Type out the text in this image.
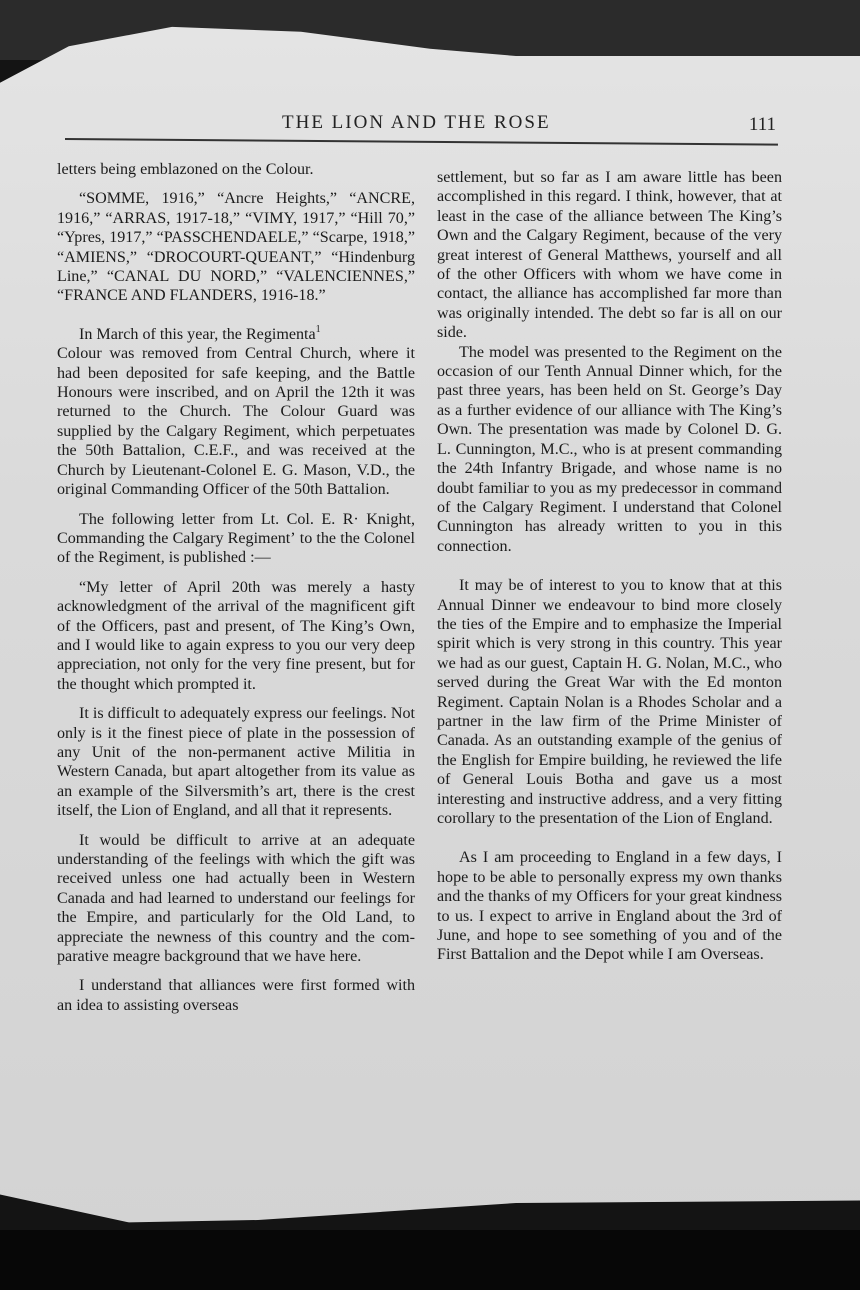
THE LION AND THE ROSE	111

letters being emblazoned on the Colour.

“SOMME, 1916,” “Ancre Heights,” “ANCRE, 1916,” “ARRAS, 1917-18,” “VIMY, 1917,” “Hill 70,” “Ypres, 1917,” “PASSCHENDAELE,” “Scarpe, 1918,” “AMIENS,” “DROCOURT-QUEANT,” “Hindenburg Line,” “CANAL DU NORD,” “VALENCIENNES,” “FRANCE AND FLANDERS, 1916-18.”

In March of this year, the Regimenta$^1$

Colour was removed from Central Church, where it had been deposited for safe keeping, and the Battle Honours were inscribed, and on April the 12th it was returned to the Church. The Colour Guard was supplied by the Calgary Regiment, which perpetuates the 50th Battalion, C.E.F., and was received at the Church by Lieutenant-Colonel E. G. Mason, V.D., the original Commanding Officer of the 50th Battalion.

The following letter from Lt. Col. E. R· Knight, Commanding the Calgary Regimentʼ to the the Colonel of the Regiment, is published :—

“My letter of April 20th was merely a hasty acknowledgment of the arrival of the magnificent gift of the Officers, past and present, of The King’s Own, and I would like to again express to you our very deep appreciation, not only for the very fine present, but for the thought which prompted it.

It is difficult to adequately express our feelings. Not only is it the finest piece of plate in the possession of any Unit of the non-permanent active Militia in Western Canada, but apart altogether from its value as an example of the Silversmith’s art, there is the crest itself, the Lion of England, and all that it represents.

It would be difficult to arrive at an adequate understanding of the feelings with which the gift was received unless one had actually been in Western Canada and had learned to understand our feelings for the Empire, and particularly for the Old Land, to appreciate the newness of this country and the comparative meagre background that we have here.

I understand that alliances were first formed with an idea to assisting overseas

settlement, but so far as I am aware little has been accomplished in this regard. I think, however, that at least in the case of the alliance between The King’s Own and the Calgary Regiment, because of the very great interest of General Matthews, yourself and all of the other Officers with whom we have come in contact, the alliance has accomplished far more than was originally intended. The debt so far is all on our side.

The model was presented to the Regiment on the occasion of our Tenth Annual Dinner which, for the past three years, has been held on St. George’s Day as a further evidence of our alliance with The King’s Own. The presentation was made by Colonel D. G. L. Cunnington, M.C., who is at present commanding the 24th Infantry Brigade, and whose name is no doubt familiar to you as my predecessor in command of the Calgary Regiment. I understand that Colonel Cunnington has already written to you in this connection.

It may be of interest to you to know that at this Annual Dinner we endeavour to bind more closely the ties of the Empire and to emphasize the Imperial spirit which is very strong in this country. This year we had as our guest, Captain H. G. Nolan, M.C., who served during the Great War with the Ed monton Regiment. Captain Nolan is a Rhodes Scholar and a partner in the law firm of the Prime Minister of Canada. As an outstanding example of the genius of the English for Empire building, he reviewed the life of General Louis Botha and gave us a most interesting and instructive address, and a very fitting corollary to the presentation of the Lion of England.

As I am proceeding to England in a few days, I hope to be able to personally express my own thanks and the thanks of my Officers for your great kindness to us. I expect to arrive in England about the 3rd of June, and hope to see something of you and of the First Battalion and the Depot while I am Overseas.
